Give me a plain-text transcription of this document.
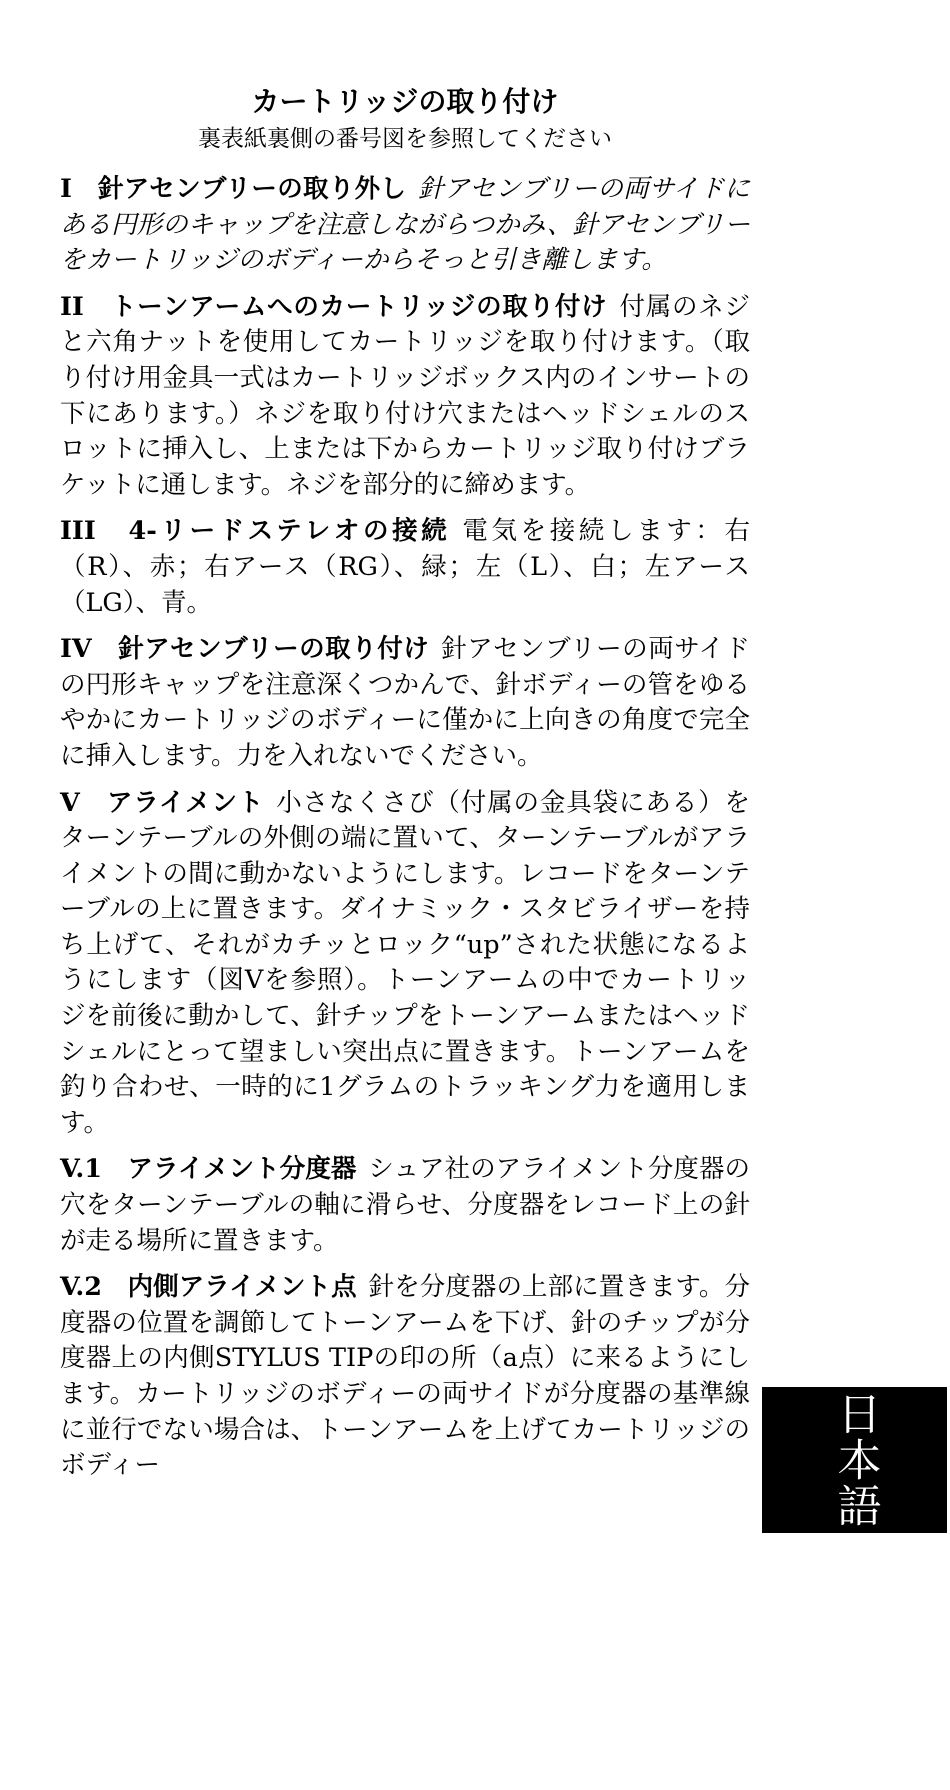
カートリッジの取り付け
裏表紙裏側の番号図を参照してください

I　針アセンブリーの取り外し 針アセンブリーの両サイドにある円形のキャップを注意しながらつかみ、針アセンブリーをカートリッジのボディーからそっと引き離します。

II　トーンアームへのカートリッジの取り付け 付属のネジと六角ナットを使用してカートリッジを取り付けます。（取り付け用金具一式はカートリッジボックス内のインサートの下にあります。）ネジを取り付け穴またはヘッドシェルのスロットに挿入し、上または下からカートリッジ取り付けブラケットに通します。ネジを部分的に締めます。

III　4-リードステレオの接続 電気を接続します：右（R）、赤；右アース（RG）、緑；左（L）、白；左アース（LG）、青。

IV　針アセンブリーの取り付け 針アセンブリーの両サイドの円形キャップを注意深くつかんで、針ボディーの管をゆるやかにカートリッジのボディーに僅かに上向きの角度で完全に挿入します。力を入れないでください。

V　アライメント 小さなくさび（付属の金具袋にある）をターンテーブルの外側の端に置いて、ターンテーブルがアライメントの間に動かないようにします。レコードをターンテーブルの上に置きます。ダイナミック・スタビライザーを持ち上げて、それがカチッとロック“up”された状態になるようにします（図Vを参照）。トーンアームの中でカートリッジを前後に動かして、針チップをトーンアームまたはヘッドシェルにとって望ましい突出点に置きます。トーンアームを釣り合わせ、一時的に1グラムのトラッキング力を適用します。

V.1　アライメント分度器 シュア社のアライメント分度器の穴をターンテーブルの軸に滑らせ、分度器をレコード上の針が走る場所に置きます。

V.2　内側アライメント点 針を分度器の上部に置きます。分度器の位置を調節してトーンアームを下げ、針のチップが分度器上の内側STYLUS TIPの印の所（a点）に来るようにします。カートリッジのボディーの両サイドが分度器の基準線に並行でない場合は、トーンアームを上げてカートリッジのボディー	日本語
